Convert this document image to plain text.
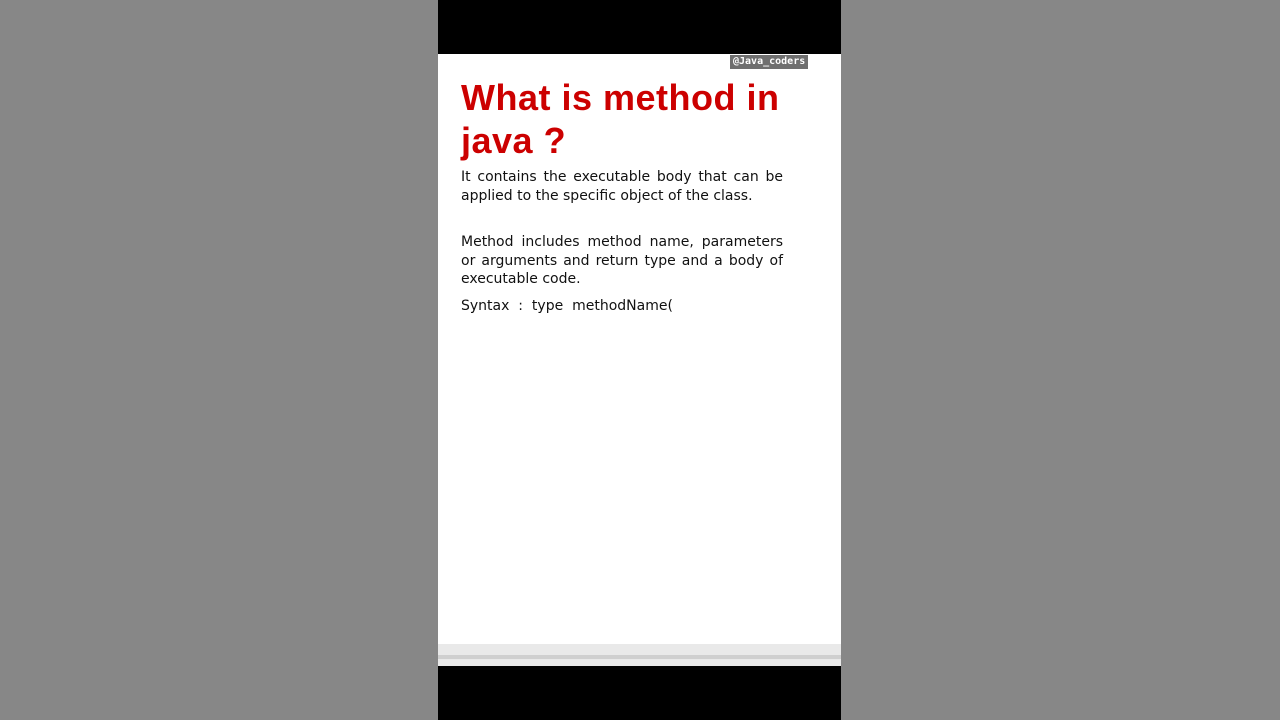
@Java_coders
What is method in java ?

It contains the executable body that can be applied to the specific object of the class.

Method includes method name, parameters or arguments and return type and a body of executable code.

Syntax  :  type  methodName(
